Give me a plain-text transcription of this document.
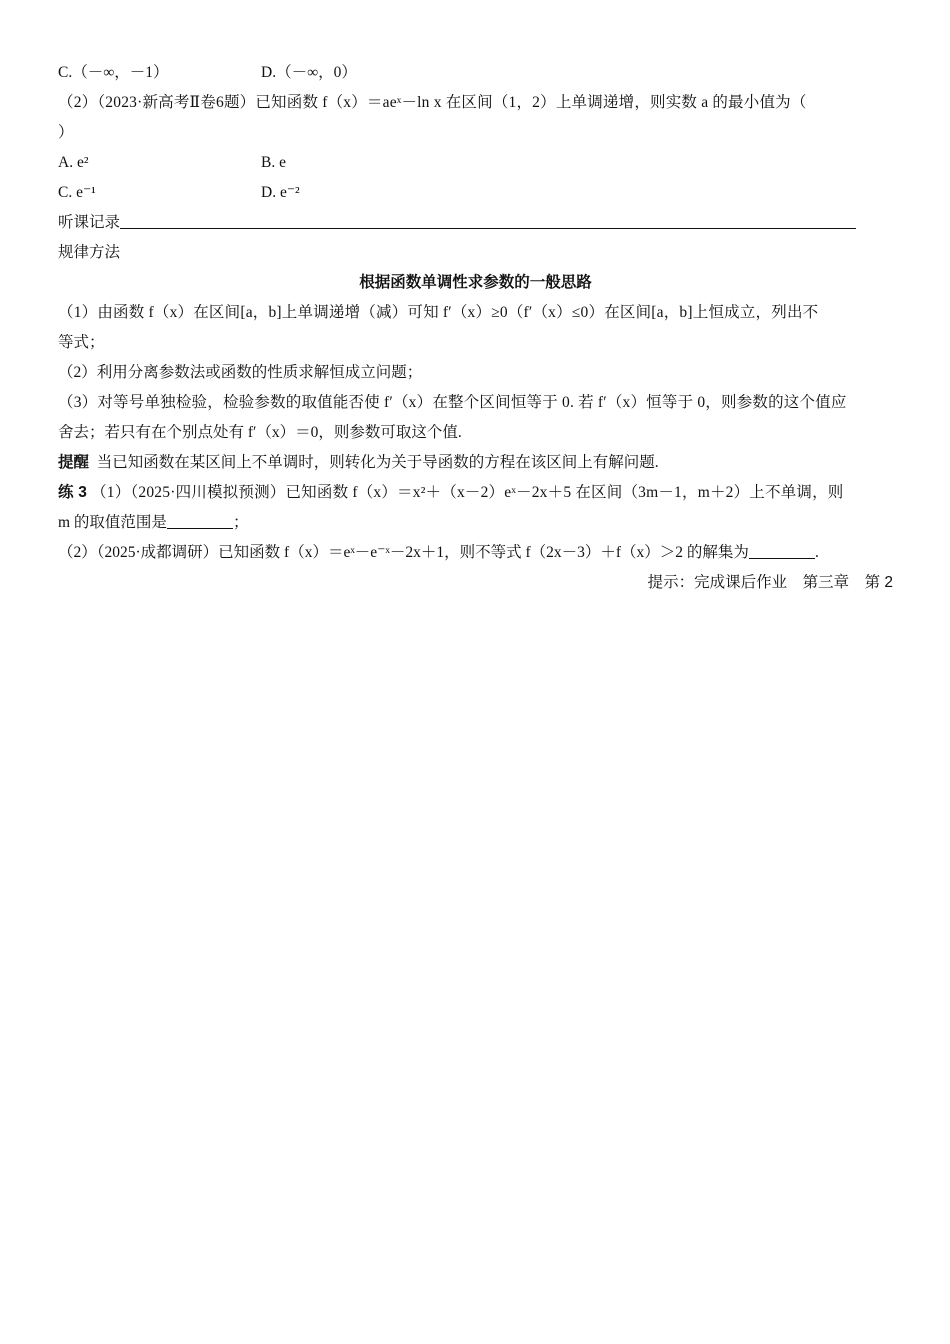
C.（－∞，－1）	D.（－∞，0）
（2）（2023·新高考Ⅱ卷6题）已知函数 f（x）＝aeˣ－ln x 在区间（1，2）上单调递增，则实数 a 的最小值为（
）
A. e²	B. e
C. e⁻¹	D. e⁻²
听课记录
规律方法
根据函数单调性求参数的一般思路
（1）由函数 f（x）在区间[a，b]上单调递增（减）可知 f′（x）≥0（f′（x）≤0）在区间[a，b]上恒成立，列出不
等式；
（2）利用分离参数法或函数的性质求解恒成立问题；
（3）对等号单独检验，检验参数的取值能否使 f′（x）在整个区间恒等于 0. 若 f′（x）恒等于 0，则参数的这个值应
舍去；若只有在个别点处有 f′（x）＝0，则参数可取这个值.
提醒 当已知函数在某区间上不单调时，则转化为关于导函数的方程在该区间上有解问题.
练 3 （1）（2025·四川模拟预测）已知函数 f（x）＝x²＋（x－2）eˣ－2x＋5 在区间（3m－1，m＋2）上不单调，则
m 的取值范围是	；
（2）（2025·成都调研）已知函数 f（x）＝eˣ－e⁻ˣ－2x＋1，则不等式 f（2x－3）＋f（x）＞2 的解集为	.
提示：完成课后作业　第三章　第 2
